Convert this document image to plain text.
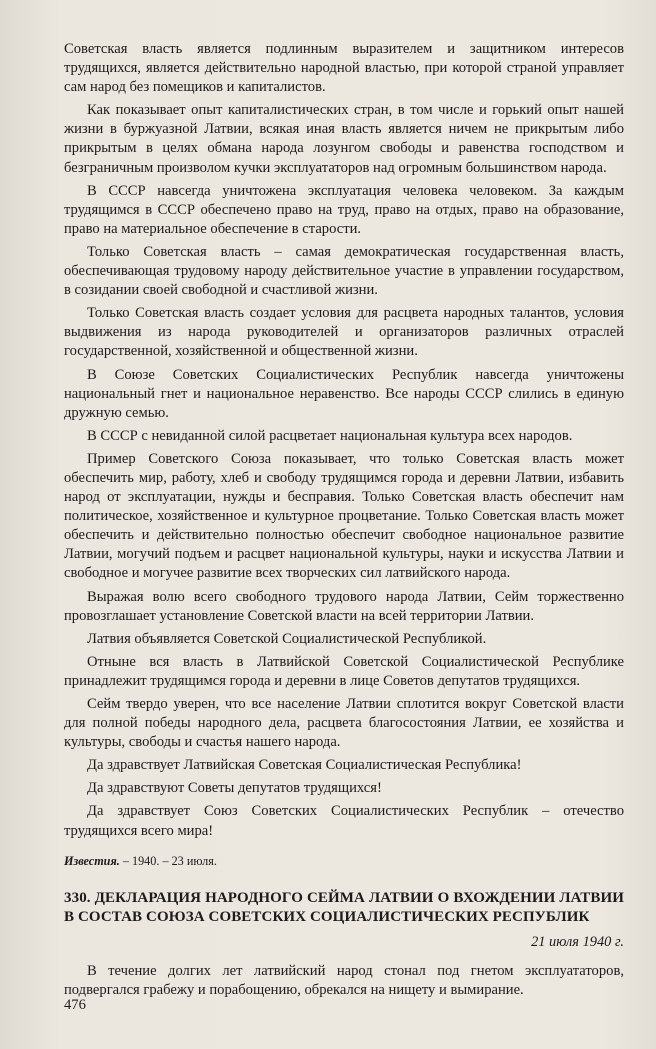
Советская власть является подлинным выразителем и защитником интересов трудящихся, является действительно народной властью, при которой страной управляет сам народ без помещиков и капиталистов.

Как показывает опыт капиталистических стран, в том числе и горький опыт нашей жизни в буржуазной Латвии, всякая иная власть является ничем не прикрытым либо прикрытым в целях обмана народа лозунгом свободы и равенства господством и безграничным произволом кучки эксплуататоров над огромным большинством народа.

В СССР навсегда уничтожена эксплуатация человека человеком. За каждым трудящимся в СССР обеспечено право на труд, право на отдых, право на образование, право на материальное обеспечение в старости.

Только Советская власть – самая демократическая государственная власть, обеспечивающая трудовому народу действительное участие в управлении государством, в созидании своей свободной и счастливой жизни.

Только Советская власть создает условия для расцвета народных талантов, условия выдвижения из народа руководителей и организаторов различных отраслей государственной, хозяйственной и общественной жизни.

В Союзе Советских Социалистических Республик навсегда уничтожены национальный гнет и национальное неравенство. Все народы СССР слились в единую дружную семью.

В СССР с невиданной силой расцветает национальная культура всех народов.

Пример Советского Союза показывает, что только Советская власть может обеспечить мир, работу, хлеб и свободу трудящимся города и деревни Латвии, избавить народ от эксплуатации, нужды и бесправия. Только Советская власть обеспечит нам политическое, хозяйственное и культурное процветание. Только Советская власть может обеспечить и действительно полностью обеспечит свободное национальное развитие Латвии, могучий подъем и расцвет национальной культуры, науки и искусства Латвии и свободное и могучее развитие всех творческих сил латвийского народа.

Выражая волю всего свободного трудового народа Латвии, Сейм торжественно провозглашает установление Советской власти на всей территории Латвии.

Латвия объявляется Советской Социалистической Республикой.

Отныне вся власть в Латвийской Советской Социалистической Республике принадлежит трудящимся города и деревни в лице Советов депутатов трудящихся.

Сейм твердо уверен, что все население Латвии сплотится вокруг Советской власти для полной победы народного дела, расцвета благосостояния Латвии, ее хозяйства и культуры, свободы и счастья нашего народа.

Да здравствует Латвийская Советская Социалистическая Республика!

Да здравствуют Советы депутатов трудящихся!

Да здравствует Союз Советских Социалистических Республик – отечество трудящихся всего мира!

Известия. – 1940. – 23 июля.
330. ДЕКЛАРАЦИЯ НАРОДНОГО СЕЙМА ЛАТВИИ О ВХОЖДЕНИИ ЛАТВИИ В СОСТАВ СОЮЗА СОВЕТСКИХ СОЦИАЛИСТИЧЕСКИХ РЕСПУБЛИК
21 июля 1940 г.

В течение долгих лет латвийский народ стонал под гнетом эксплуататоров, подвергался грабежу и порабощению, обрекался на нищету и вымирание.

476
